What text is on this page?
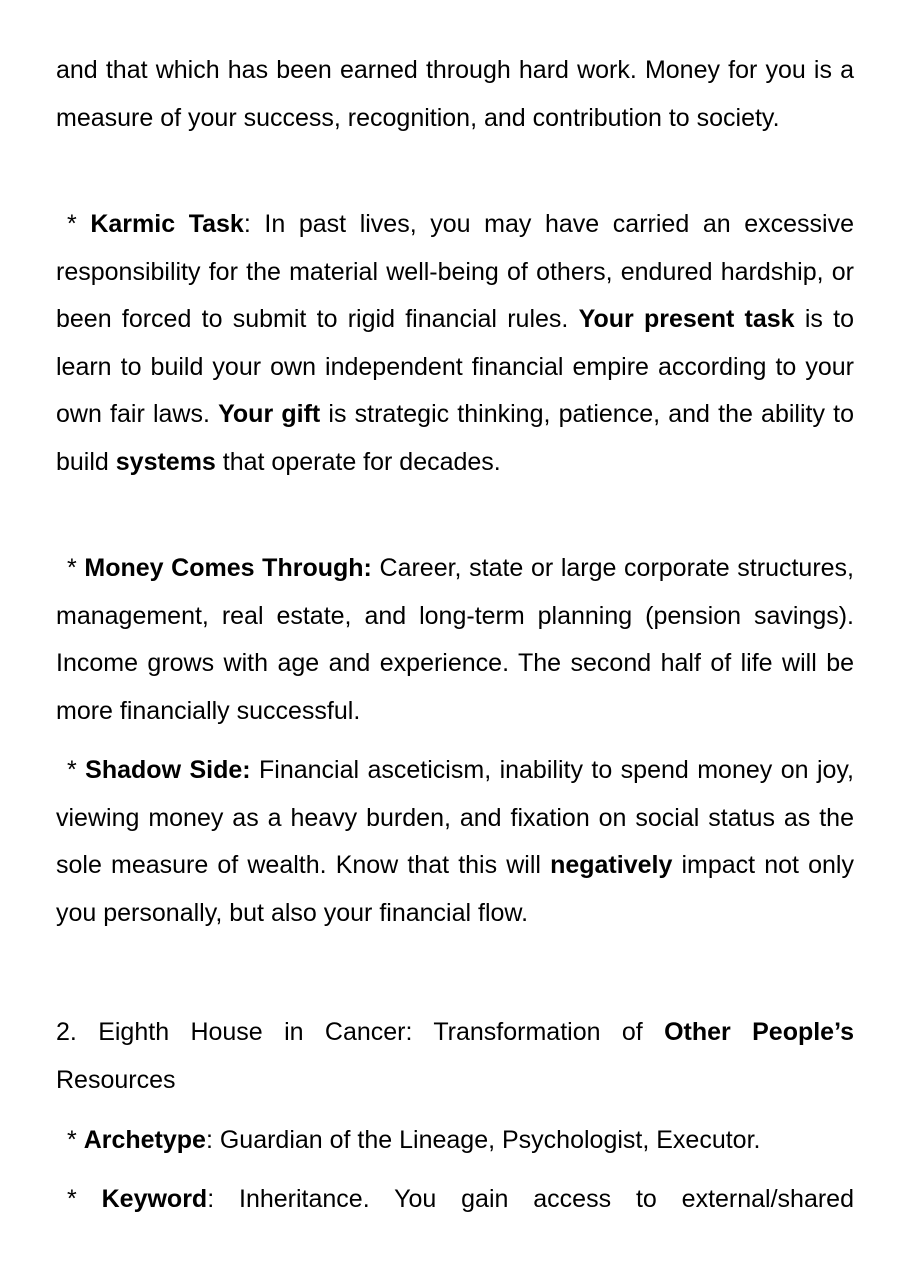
and that which has been earned through hard work. Money for you is a measure of your success, recognition, and contribution to society.

* Karmic Task: In past lives, you may have carried an excessive responsibility for the material well-being of others, endured hardship, or been forced to submit to rigid financial rules. Your present task is to learn to build your own independent financial empire according to your own fair laws. Your gift is strategic thinking, patience, and the ability to build systems that operate for decades.

* Money Comes Through: Career, state or large corporate structures, management, real estate, and long-term planning (pension savings). Income grows with age and experience. The second half of life will be more financially successful.

* Shadow Side: Financial asceticism, inability to spend money on joy, viewing money as a heavy burden, and fixation on social status as the sole measure of wealth. Know that this will negatively impact not only you personally, but also your financial flow.

2. Eighth House in Cancer: Transformation of Other People’s Resources

* Archetype: Guardian of the Lineage, Psychologist, Executor.

* Keyword: Inheritance. You gain access to external/shared
